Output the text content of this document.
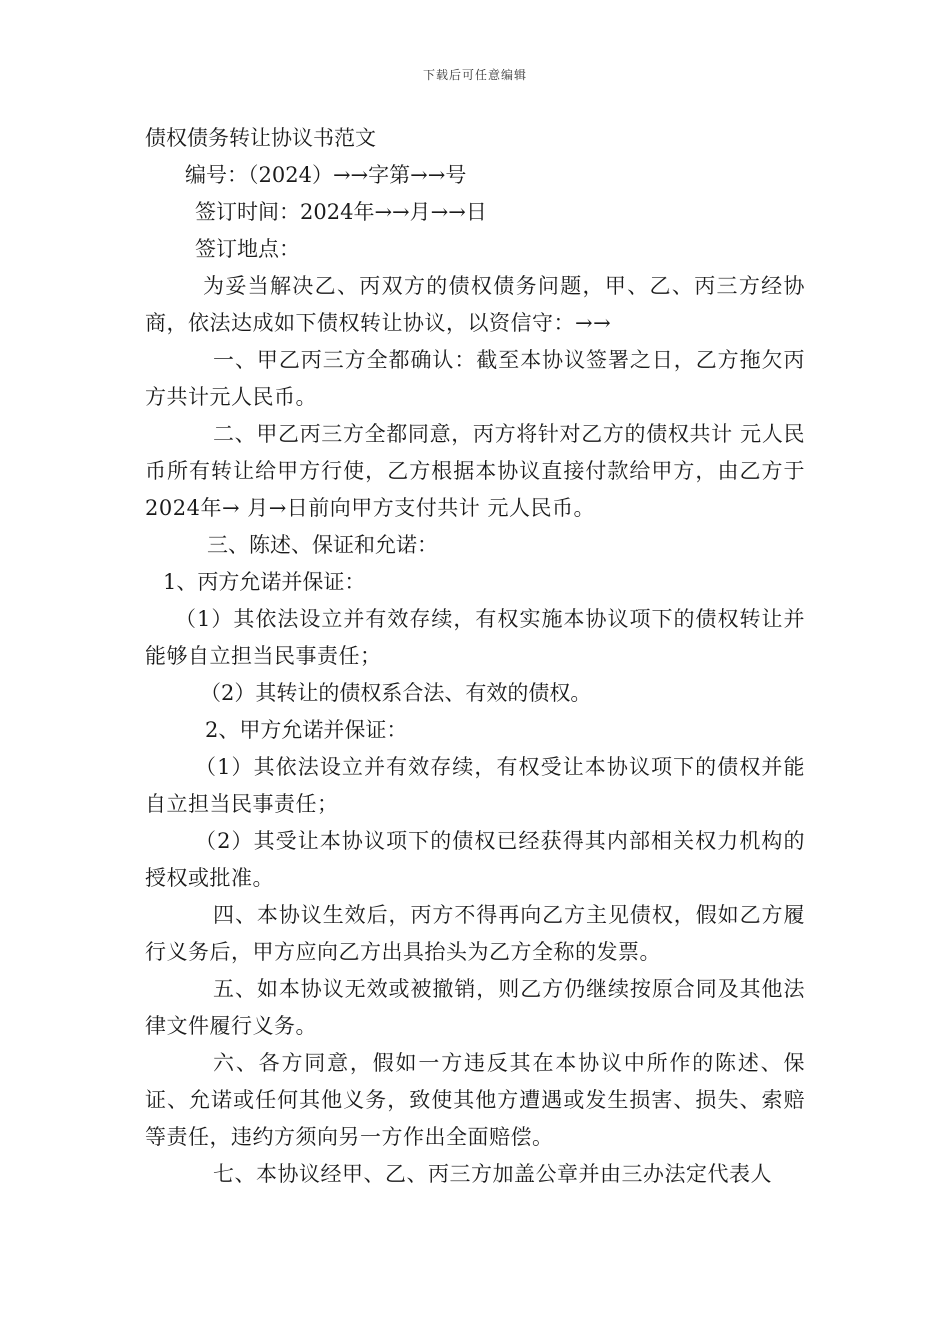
下载后可任意编辑
债权债务转让协议书范文
编号：（2024）→→字第→→号
签订时间：2024年→→月→→日
签订地点：
为妥当解决乙、丙双方的债权债务问题，甲、乙、丙三方经协商，依法达成如下债权转让协议，以资信守：→→
一、甲乙丙三方全都确认：截至本协议签署之日，乙方拖欠丙方共计元人民币。
二、甲乙丙三方全都同意，丙方将针对乙方的债权共计 元人民币所有转让给甲方行使，乙方根据本协议直接付款给甲方，由乙方于2024年→ 月→日前向甲方支付共计 元人民币。
三、陈述、保证和允诺：
1、丙方允诺并保证：
（1）其依法设立并有效存续，有权实施本协议项下的债权转让并能够自立担当民事责任；
（2）其转让的债权系合法、有效的债权。
2、甲方允诺并保证：
（1）其依法设立并有效存续，有权受让本协议项下的债权并能自立担当民事责任；
（2）其受让本协议项下的债权已经获得其内部相关权力机构的授权或批准。
四、本协议生效后，丙方不得再向乙方主见债权，假如乙方履行义务后，甲方应向乙方出具抬头为乙方全称的发票。
五、如本协议无效或被撤销，则乙方仍继续按原合同及其他法律文件履行义务。
六、各方同意，假如一方违反其在本协议中所作的陈述、保证、允诺或任何其他义务，致使其他方遭遇或发生损害、损失、索赔等责任，违约方须向另一方作出全面赔偿。
七、本协议经甲、乙、丙三方加盖公章并由三办法定代表人
